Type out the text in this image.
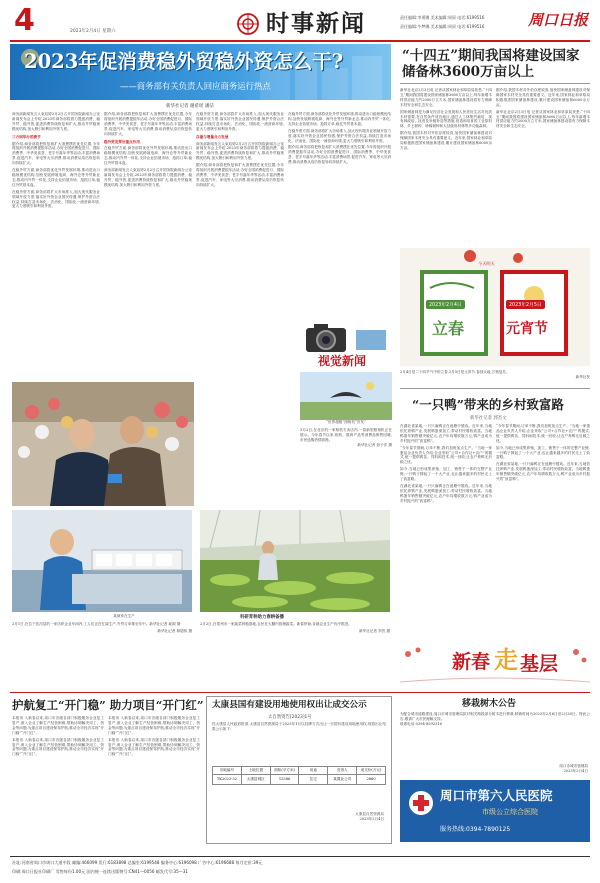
4	2023年2月4日 星期六	时事新闻	责任编辑:李勇娜 美术编辑:周原 电话:6199516
责任编辑:牛梦娜 美术编辑:周原 电话:6199516	周口日报
2023年促消费稳外贸稳外资怎么干?
——商务部有关负责人回应商务运行热点
新华社记者 谢希瑶 潘洁

商务部新闻发言人束珏婷2月2日召开国务院新闻办公室新闻发布会上介绍,2023年商务部将着力提振消费、稳外贸、稳外资,促进消费持续恢复和扩大,推动外贸稳规模优结构,加大吸引和利用外资力度。

三方面举办消费节

据介绍,商务部将把恢复和扩大消费摆在优先位置,今年将组织开展消费提振年活动,办好全国消费促进月、国际消费季、中华美食荟、老字号嘉年华等活动,丰富消费场景,促进汽车、家电等大宗消费,推动消费从疫后恢复转向持续扩大。

在稳外贸方面,商务部将优化外贸发展环境,推动进出口稳规模优结构,加快发展跨境电商、海外仓等外贸新业态,推动内外贸一体化,支持企业拓展市场、抢抓订单,稳住外贸基本盘。

在稳外资方面,商务部将扩大市场准入,加大现代服务业领域开放力度,落实好外资企业国民待遇,保护外资合法权益,持续打造市场化、法治化、国际化一流营商环境,更大力度吸引和利用外资。

据介绍,商务部将把恢复和扩大消费摆在优先位置,今年将组织开展消费提振年活动,办好全国消费促进月、国际消费季、中华美食荟、老字号嘉年华等活动,丰富消费场景,促进汽车、家电等大宗消费,推动消费从疫后恢复转向持续扩大。

稳外贸发挥好重点作用

在稳外贸方面,商务部将优化外贸发展环境,推动进出口稳规模优结构,加快发展跨境电商、海外仓等外贸新业态,推动内外贸一体化,支持企业拓展市场、抢抓订单,稳住外贸基本盘。

商务部新闻发言人束珏婷2月2日召开国务院新闻办公室新闻发布会上介绍,2023年商务部将着力提振消费、稳外贸、稳外资,促进消费持续恢复和扩大,推动外贸稳规模优结构,加大吸引和利用外资力度。

在稳外资方面,商务部将扩大市场准入,加大现代服务业领域开放力度,落实好外资企业国民待遇,保护外资合法权益,持续打造市场化、法治化、国际化一流营商环境,更大力度吸引和利用外资。

存量与增量合力发展

商务部新闻发言人束珏婷2月2日召开国务院新闻办公室新闻发布会上介绍,2023年商务部将着力提振消费、稳外贸、稳外资,促进消费持续恢复和扩大,推动外贸稳规模优结构,加大吸引和利用外资力度。

据介绍,商务部将把恢复和扩大消费摆在优先位置,今年将组织开展消费提振年活动,办好全国消费促进月、国际消费季、中华美食荟、老字号嘉年华等活动,丰富消费场景,促进汽车、家电等大宗消费,推动消费从疫后恢复转向持续扩大。

在稳外贸方面,商务部将优化外贸发展环境,推动进出口稳规模优结构,加快发展跨境电商、海外仓等外贸新业态,推动内外贸一体化,支持企业拓展市场、抢抓订单,稳住外贸基本盘。

在稳外资方面,商务部将扩大市场准入,加大现代服务业领域开放力度,落实好外资企业国民待遇,保护外资合法权益,持续打造市场化、法治化、国际化一流营商环境,更大力度吸引和利用外资。

据介绍,商务部将把恢复和扩大消费摆在优先位置,今年将组织开展消费提振年活动,办好全国消费促进月、国际消费季、中华美食荟、老字号嘉年华等活动,丰富消费场景,促进汽车、家电等大宗消费,推动消费从疫后恢复转向持续扩大。

某商家在生产	科研育种助力春耕备播

2月1日,在位于扶沟县的一家纺织企业车间内,工人们正在忙碌生产,外贸订单排至年中。新华社记者 郝源 摄

新华社记者 林德伟 摄

2月2日,在郑州市一家蔬菜种植基地,农民在大棚内管理蔬菜。新春伊始,各地农业生产有序推进。

新华社记者 李贺 摄

视觉新闻
“世界超级”照相机“首发”

2月2日,在北京的一家相机专卖店内,一款新型照相机正在展示。今年春节以来,相机、数码产品等消费品销售回暖,市民选购热情高涨。

新华社记者 彭子洋 摄

“十四五”期间我国将建设国家
储备林3600万亩以上

新华社北京2月3日电 记者从国家林业和草原局获悉,“十四五”期间我国将建设国家储备林3600万亩以上,每年新增木材供应能力约2000万立方米,国家储备林建设将有力保障木材安全和生态安全。

国家储备林是为满足经济社会发展和人民美好生活对优质木材需要,在自然条件适宜地区,通过人工林集约栽培、现有林改培、抚育及补植补造等措施,营造和培育的工业原料林、乡土树种、珍稀树种和大径级用材林等多功能森林。

据介绍,我国木材对外依存度较高,加快国家储备林建设对保障国家木材安全具有重要意义。近年来,国家林业和草原局积极推进国家储备林建设,累计建设国家储备林6000余万亩。

据介绍,我国木材对外依存度较高,加快国家储备林建设对保障国家木材安全具有重要意义。近年来,国家林业和草原局积极推进国家储备林建设,累计建设国家储备林6000余万亩。

新华社北京2月3日电 记者从国家林业和草原局获悉,“十四五”期间我国将建设国家储备林3600万亩以上,每年新增木材供应能力约2000万立方米,国家储备林建设将有力保障木材安全和生态安全。

今天明天
2023年2月4日
立春
2023年2月5日
元宵节

2月4日是二十四节气中的立春,2月5日是元宵节,春回大地,万物复苏。

新华社发

“一只鸭”带来的乡村致富路
新华社记者 郭杰文

在湖北省某地,一只只麻鸭正在池塘中嬉戏。近年来,当地依托养鸭产业,发展鸭蛋深加工,带动村民增收致富。当地鸭蛋年销售额突破亿元,农户年均增收数万元,鸭产业成为乡村振兴的“致富鸭”。

“今年春节期间,订单不断,我们加班加点生产。”当地一家蛋品企业负责人介绍,企业采取“公司+合作社+农户”的模式,统一提供鸭苗、饲料和技术,统一回收,让农户养鸭无后顾之忧。

如今,当地已形成集养殖、加工、销售于一体的完整产业链,一只鸭子撑起了一个大产业,也让越来越多的村民走上了致富路。

在湖北省某地,一只只麻鸭正在池塘中嬉戏。近年来,当地依托养鸭产业,发展鸭蛋深加工,带动村民增收致富。当地鸭蛋年销售额突破亿元,农户年均增收数万元,鸭产业成为乡村振兴的“致富鸭”。

“今年春节期间,订单不断,我们加班加点生产。”当地一家蛋品企业负责人介绍,企业采取“公司+合作社+农户”的模式,统一提供鸭苗、饲料和技术,统一回收,让农户养鸭无后顾之忧。

如今,当地已形成集养殖、加工、销售于一体的完整产业链,一只鸭子撑起了一个大产业,也让越来越多的村民走上了致富路。

在湖北省某地,一只只麻鸭正在池塘中嬉戏。近年来,当地依托养鸭产业,发展鸭蛋深加工,带动村民增收致富。当地鸭蛋年销售额突破亿元,农户年均增收数万元,鸭产业成为乡村振兴的“致富鸭”。

新春 走 基层
护航复工“开门稳” 助力项目“开门红”

本报讯 入新春以来,周口市各级各部门积极服务企业复工复产,深入企业了解生产经营困难,帮助协调解决用工、资金等问题,为重点项目建设保驾护航,推动全市经济实现“开门稳”“开门红”。

本报讯 入新春以来,周口市各级各部门积极服务企业复工复产,深入企业了解生产经营困难,帮助协调解决用工、资金等问题,为重点项目建设保驾护航,推动全市经济实现“开门稳”“开门红”。

本报讯 入新春以来,周口市各级各部门积极服务企业复工复产,深入企业了解生产经营困难,帮助协调解决用工、资金等问题,为重点项目建设保驾护航,推动全市经济实现“开门稳”“开门红”。

本报讯 入新春以来,周口市各级各部门积极服务企业复工复产,深入企业了解生产经营困难,帮助协调解决用工、资金等问题,为重点项目建设保驾护航,推动全市经济实现“开门稳”“开门红”。

太康县国有建设用地使用权出让成交公示
太自然资告[2023]1号
经太康县人民政府批准,太康县自然资源局于2023年1月以挂牌方式出让一宗国有建设用地使用权,现将出让结果公示如下:
宗地编号	土地位置	面积(平方米)	用途	竞得人	成交价(万元)
TK2022-32	太康县城区	12586	住宅	某置业公司	2860
太康县自然资源局
2023年2月4日
移栽树木公告

为配合城市道路建设,周口市城市管理局拟对相关路段部分树木进行移栽,移栽时间为2023年2月6日至2月28日。特此公告,敬请广大市民理解支持。

联系电话:0394-8592316

周口市城市管理局
2023年2月4日
周口市第六人民医院
市级公立综合医院
服务热线:0394-7890125
社址:河南省周口市周口大道中段 邮编:466099 发行:6183898 总编室:6199548 编务中心:6196098 广告中心:6196688 每月定价:39元
印刷:周口日报社印刷厂 零售每份1.00元 国内统一连续出版物号:CN41—0056 邮发代号:35—31
